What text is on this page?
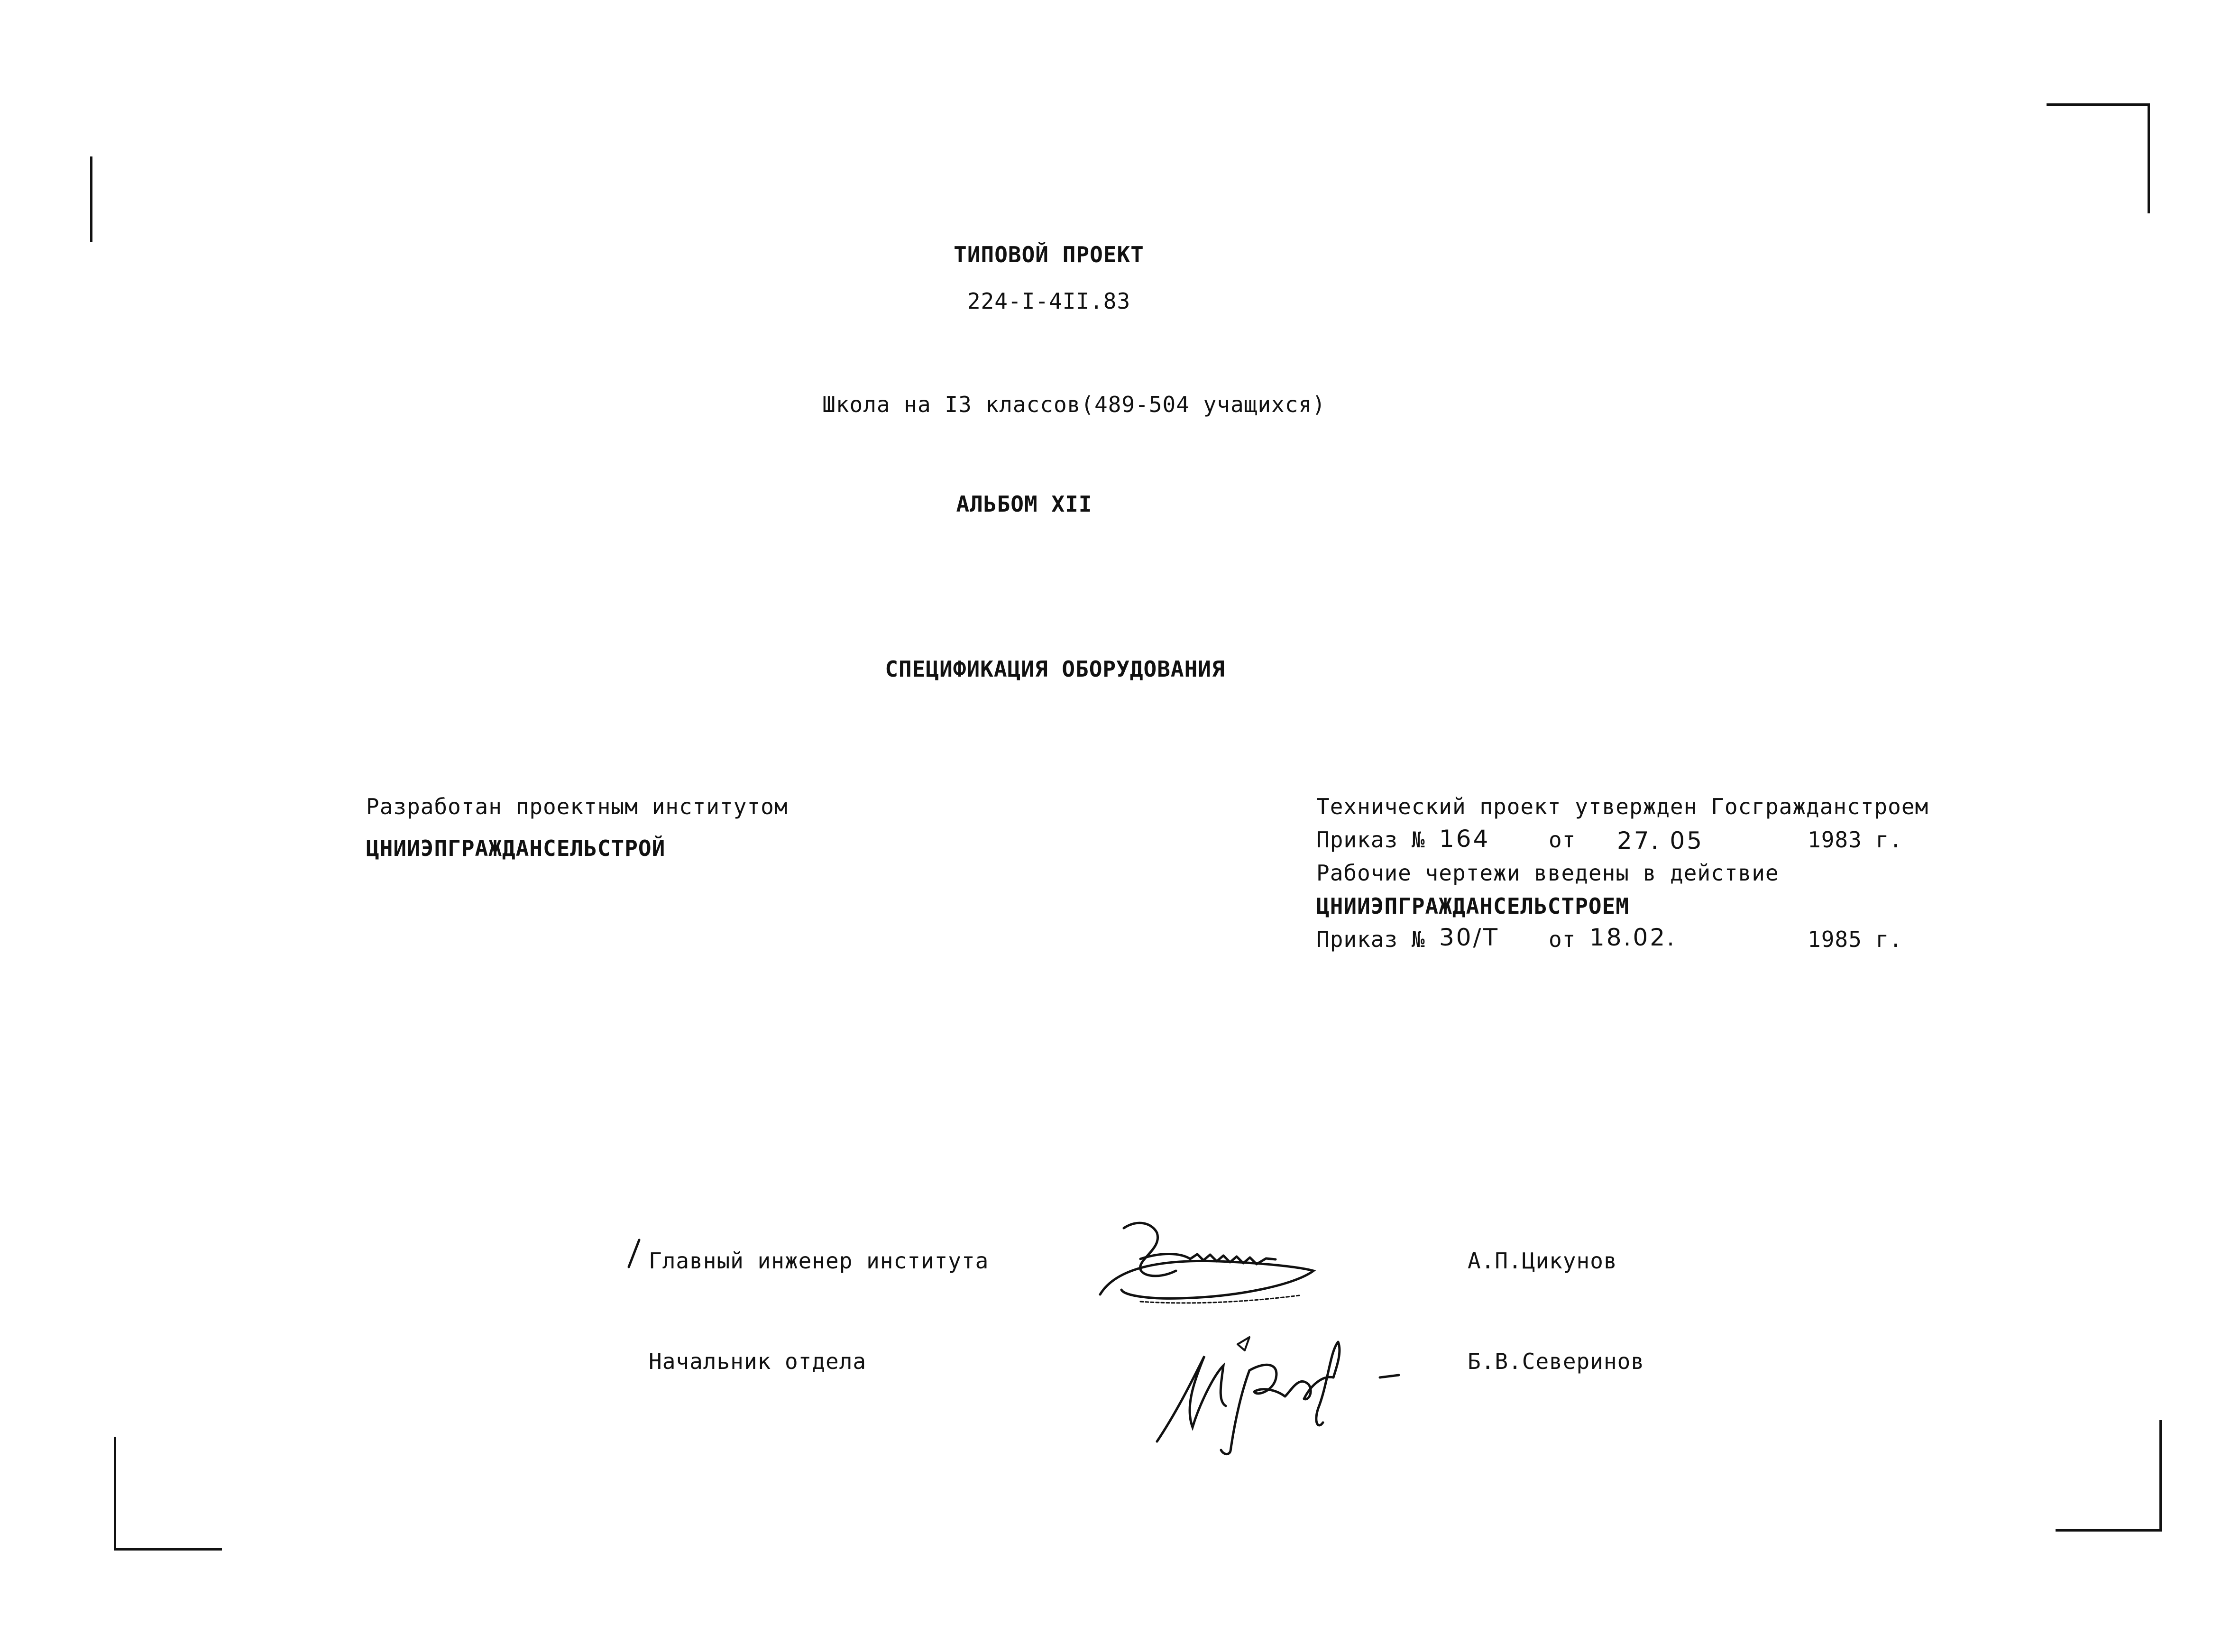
ТИПОВОЙ ПРОЕКТ
224-I-4II.83
Школа на I3 классов(489-504 учащихся)
АЛЬБОМ XII
СПЕЦИФИКАЦИЯ ОБОРУДОВАНИЯ
Разработан проектным институтом
ЦНИИЭПГРАЖДАНСЕЛЬСТРОЙ
Технический проект утвержден Госгражданстроем
Приказ № 164	от 27. 05	1983 г.
Рабочие чертежи введены в действие
ЦНИИЭПГРАЖДАНСЕЛЬСТРОЕМ
Приказ № 30/Т от 18.02.	1985 г.
Главный инженер института	А.П.Цикунов
Начальник отдела	Б.В.Северинов
